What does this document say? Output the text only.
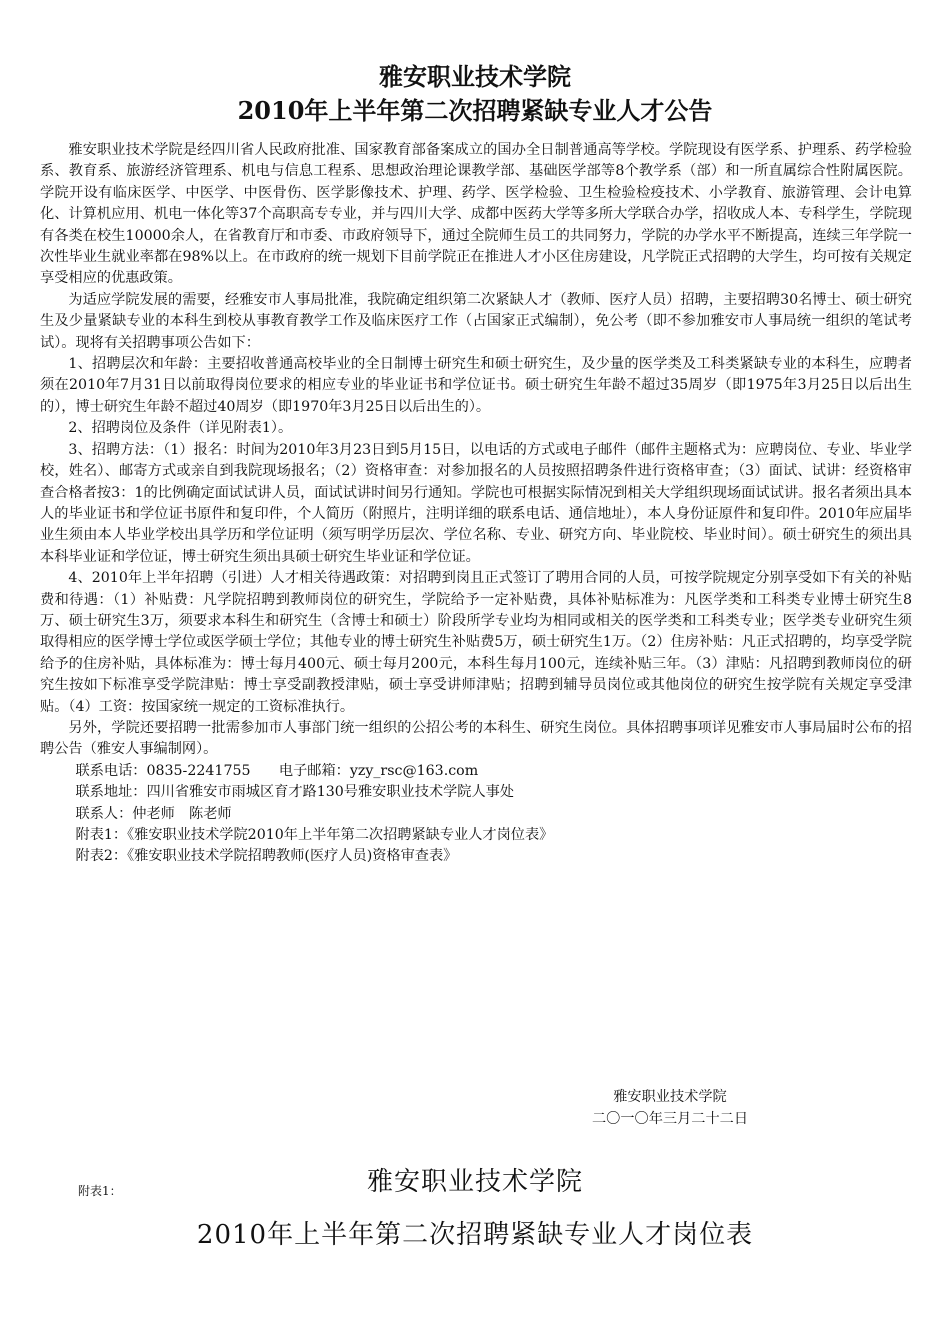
雅安职业技术学院
2010年上半年第二次招聘紧缺专业人才公告

雅安职业技术学院是经四川省人民政府批准、国家教育部备案成立的国办全日制普通高等学校。学院现设有医学系、护理系、药学检验系、教育系、旅游经济管理系、机电与信息工程系、思想政治理论课教学部、基础医学部等8个教学系（部）和一所直属综合性附属医院。学院开设有临床医学、中医学、中医骨伤、医学影像技术、护理、药学、医学检验、卫生检验检疫技术、小学教育、旅游管理、会计电算化、计算机应用、机电一体化等37个高职高专专业，并与四川大学、成都中医药大学等多所大学联合办学，招收成人本、专科学生，学院现有各类在校生10000余人，在省教育厅和市委、市政府领导下，通过全院师生员工的共同努力，学院的办学水平不断提高，连续三年学院一次性毕业生就业率都在98%以上。在市政府的统一规划下目前学院正在推进人才小区住房建设，凡学院正式招聘的大学生，均可按有关规定享受相应的优惠政策。

为适应学院发展的需要，经雅安市人事局批准，我院确定组织第二次紧缺人才（教师、医疗人员）招聘，主要招聘30名博士、硕士研究生及少量紧缺专业的本科生到校从事教育教学工作及临床医疗工作（占国家正式编制），免公考（即不参加雅安市人事局统一组织的笔试考试）。现将有关招聘事项公告如下：

1、招聘层次和年龄：主要招收普通高校毕业的全日制博士研究生和硕士研究生，及少量的医学类及工科类紧缺专业的本科生，应聘者须在2010年7月31日以前取得岗位要求的相应专业的毕业证书和学位证书。硕士研究生年龄不超过35周岁（即1975年3月25日以后出生的），博士研究生年龄不超过40周岁（即1970年3月25日以后出生的）。

2、招聘岗位及条件（详见附表1）。

3、招聘方法：（1）报名：时间为2010年3月23日到5月15日，以电话的方式或电子邮件（邮件主题格式为：应聘岗位、专业、毕业学校，姓名）、邮寄方式或亲自到我院现场报名；（2）资格审查：对参加报名的人员按照招聘条件进行资格审查；（3）面试、试讲：经资格审查合格者按3：1的比例确定面试试讲人员，面试试讲时间另行通知。学院也可根据实际情况到相关大学组织现场面试试讲。报名者须出具本人的毕业证书和学位证书原件和复印件，个人简历（附照片，注明详细的联系电话、通信地址），本人身份证原件和复印件。2010年应届毕业生须由本人毕业学校出具学历和学位证明（须写明学历层次、学位名称、专业、研究方向、毕业院校、毕业时间）。硕士研究生的须出具本科毕业证和学位证，博士研究生须出具硕士研究生毕业证和学位证。

4、2010年上半年招聘（引进）人才相关待遇政策：对招聘到岗且正式签订了聘用合同的人员，可按学院规定分别享受如下有关的补贴费和待遇：（1）补贴费：凡学院招聘到教师岗位的研究生，学院给予一定补贴费，具体补贴标准为：凡医学类和工科类专业博士研究生8万、硕士研究生3万，须要求本科生和研究生（含博士和硕士）阶段所学专业均为相同或相关的医学类和工科类专业；医学类专业研究生须取得相应的医学博士学位或医学硕士学位；其他专业的博士研究生补贴费5万，硕士研究生1万。（2）住房补贴：凡正式招聘的，均享受学院给予的住房补贴，具体标准为：博士每月400元、硕士每月200元，本科生每月100元，连续补贴三年。（3）津贴：凡招聘到教师岗位的研究生按如下标准享受学院津贴：博士享受副教授津贴，硕士享受讲师津贴；招聘到辅导员岗位或其他岗位的研究生按学院有关规定享受津贴。（4）工资：按国家统一规定的工资标准执行。

另外，学院还要招聘一批需参加市人事部门统一组织的公招公考的本科生、研究生岗位。具体招聘事项详见雅安市人事局届时公布的招聘公告（雅安人事编制网）。

联系电话：0835-2241755　　电子邮箱：yzy_rsc@163.com

联系地址：四川省雅安市雨城区育才路130号雅安职业技术学院人事处

联系人：仲老师　陈老师

附表1：《雅安职业技术学院2010年上半年第二次招聘紧缺专业人才岗位表》

附表2：《雅安职业技术学院招聘教师(医疗人员)资格审查表》

雅安职业技术学院
二〇一〇年三月二十二日
附表1：	雅安职业技术学院
2010年上半年第二次招聘紧缺专业人才岗位表
